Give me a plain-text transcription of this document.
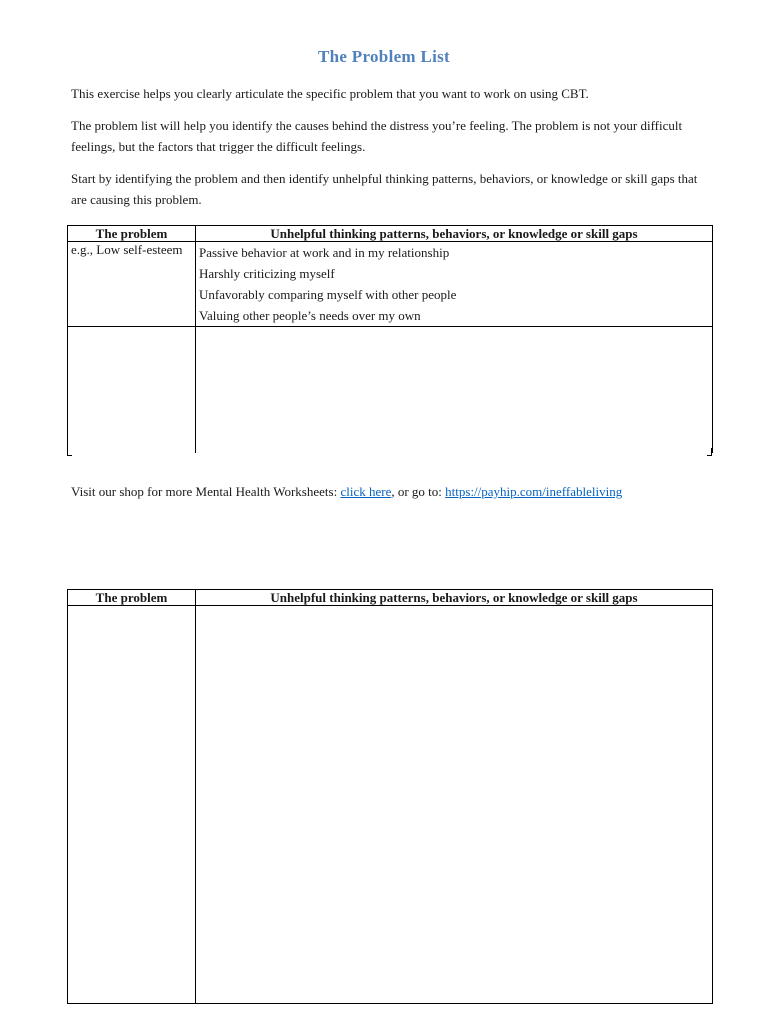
The Problem List

This exercise helps you clearly articulate the specific problem that you want to work on using CBT.

The problem list will help you identify the causes behind the distress you’re feeling. The problem is not your difficult feelings, but the factors that trigger the difficult feelings.

Start by identifying the problem and then identify unhelpful thinking patterns, behaviors, or knowledge or skill gaps that are causing this problem.

The problem	Unhelpful thinking patterns, behaviors, or knowledge or skill gaps
e.g., Low self-esteem	Passive behavior at work and in my relationship
Harshly criticizing myself
Unfavorably comparing myself with other people
Valuing other people’s needs over my own

Visit our shop for more Mental Health Worksheets: click here, or go to: https://payhip.com/ineffableliving
The problem	Unhelpful thinking patterns, behaviors, or knowledge or skill gaps
